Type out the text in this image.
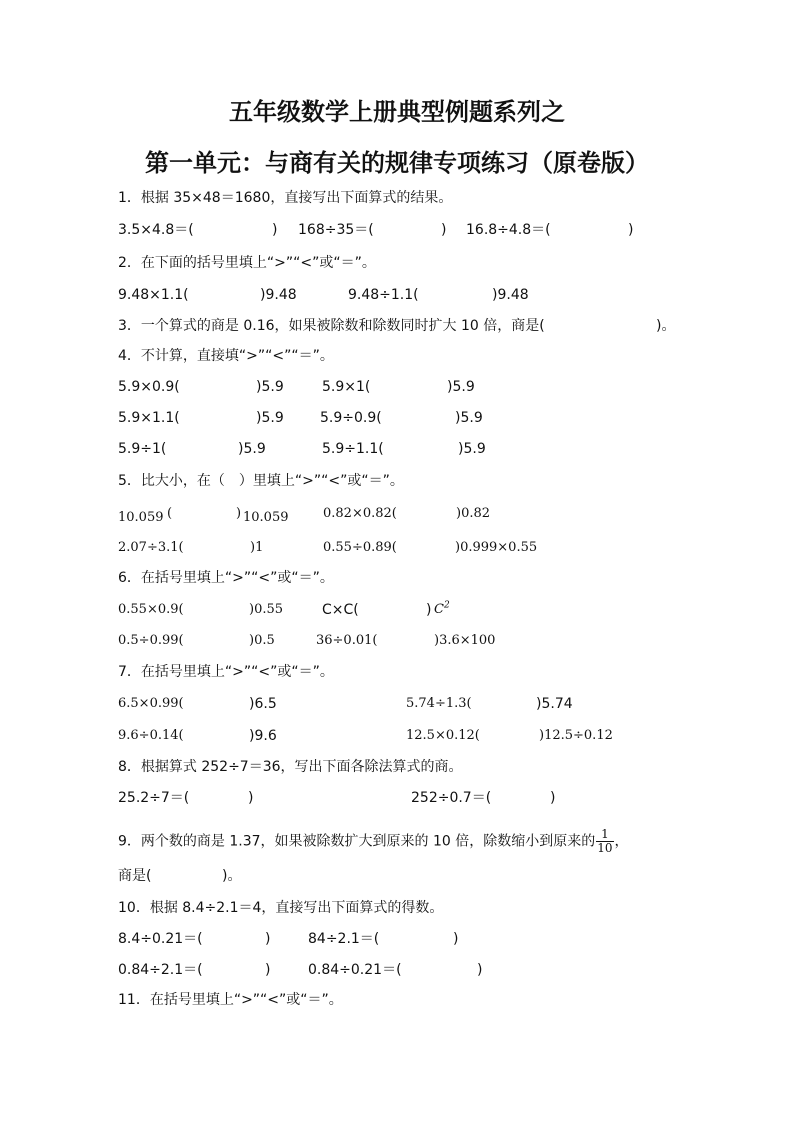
五年级数学上册典型例题系列之
第一单元：与商有关的规律专项练习（原卷版）
1．根据 35×48＝1680，直接写出下面算式的结果。
3.5×4.8＝(	) 168÷35＝(	) 16.8÷4.8＝(	)
2．在下面的括号里填上“>”“<”或“＝”。
9.48×1.1(	)9.48	9.48÷1.1(	)9.48
3．一个算式的商是 0.16，如果被除数和除数同时扩大 10 倍，商是(	)。
4．不计算，直接填“>”“<”“＝”。
5.9×0.9(	)5.9	5.9×1(	)5.9
5.9×1.1(	)5.9	5.9÷0.9(	)5.9
5.9÷1(	)5.9	5.9÷1.1(	)5.9
5．比大小，在（　）里填上“>”“<”或“＝”。
10.059 (	) 10.059	0.82×0.82(	)0.82
2.07÷3.1(	)1	0.55÷0.89(	)0.999×0.55
6．在括号里填上“>”“<”或“＝”。
0.55×0.9(	)0.55	C×C(	) $C^2$
0.5÷0.99(	)0.5	36÷0.01(	)3.6×100
7．在括号里填上“>”“<”或“＝”。
6.5×0.99(	)6.5	5.74÷1.3(	)5.74
9.6÷0.14(	)9.6	12.5×0.12(	)12.5÷0.12
8．根据算式 252÷7＝36，写出下面各除法算式的商。
25.2÷7＝(	)	252÷0.7＝(	)
9．两个数的商是 1.37，如果被除数扩大到原来的 10 倍，除数缩小到原来的 $\frac{1}{10}$ ，
商是(	)。
10．根据 8.4÷2.1＝4，直接写出下面算式的得数。
8.4÷0.21＝(	)	84÷2.1＝(	)
0.84÷2.1＝(	)	0.84÷0.21＝(	)
11．在括号里填上“>”“<”或“＝”。
